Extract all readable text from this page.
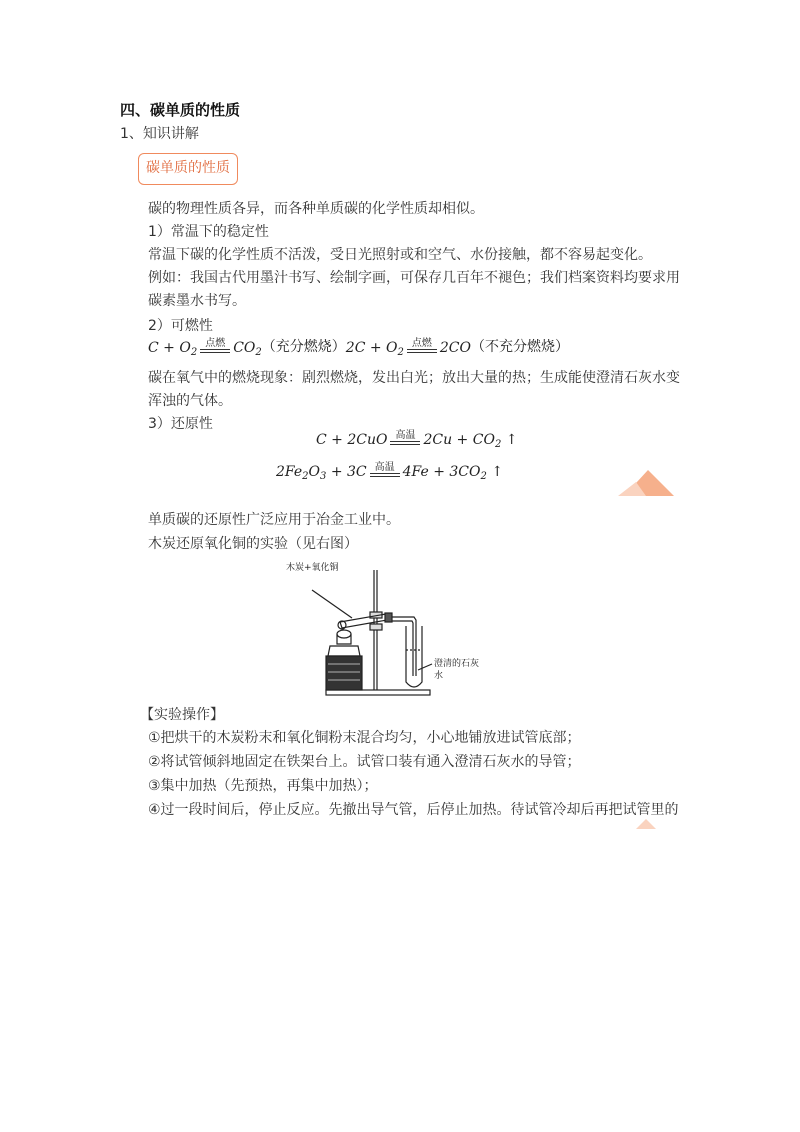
四、碳单质的性质
1、知识讲解
碳单质的性质
碳的物理性质各异，而各种单质碳的化学性质却相似。
1）常温下的稳定性
常温下碳的化学性质不活泼，受日光照射或和空气、水份接触，都不容易起变化。
例如：我国古代用墨汁书写、绘制字画，可保存几百年不褪色；我们档案资料均要求用
碳素墨水书写。
2）可燃性
$C + O_2$
点燃 $CO_2$ （充分燃烧） $2C + O_2$
点燃 2CO （不充分燃烧）
碳在氧气中的燃烧现象：剧烈燃烧，发出白光；放出大量的热；生成能使澄清石灰水变
浑浊的气体。
3）还原性
C + 2CuO 高温 $2Cu + CO_2$ ↑
$2Fe_2O_3 + 3C$ 高温 $4Fe + 3CO_2$ ↑
单质碳的还原性广泛应用于冶金工业中。
木炭还原氧化铜的实验（见右图）
木炭+氧化铜
澄清的石灰
水
【实验操作】
①把烘干的木炭粉末和氧化铜粉末混合均匀，小心地铺放进试管底部；
②将试管倾斜地固定在铁架台上。试管口装有通入澄清石灰水的导管；
③集中加热（先预热，再集中加热）；
④过一段时间后，停止反应。先撤出导气管，后停止加热。待试管冷却后再把试管里的
